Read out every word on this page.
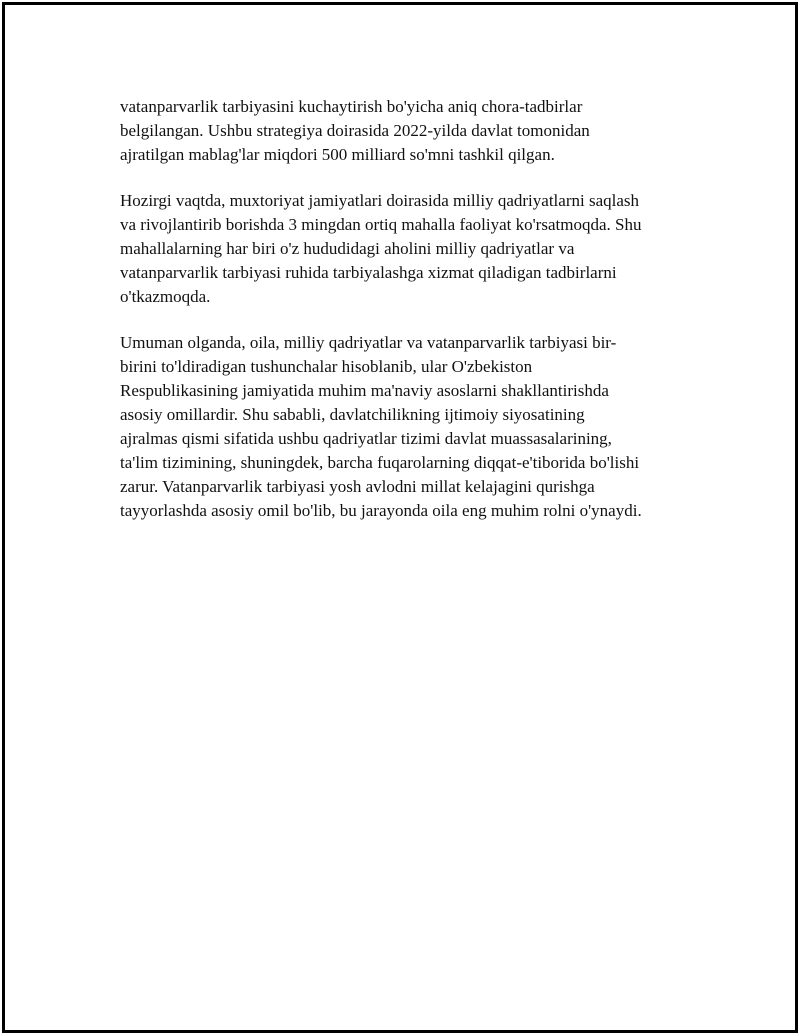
vatanparvarlik tarbiyasini kuchaytirish bo'yicha aniq chora-tadbirlar
belgilangan. Ushbu strategiya doirasida 2022-yilda davlat tomonidan
ajratilgan mablag'lar miqdori 500 milliard so'mni tashkil qilgan.

Hozirgi vaqtda, muxtoriyat jamiyatlari doirasida milliy qadriyatlarni saqlash
va rivojlantirib borishda 3 mingdan ortiq mahalla faoliyat ko'rsatmoqda. Shu
mahallalarning har biri o'z hududidagi aholini milliy qadriyatlar va
vatanparvarlik tarbiyasi ruhida tarbiyalashga xizmat qiladigan tadbirlarni
o'tkazmoqda.

Umuman olganda, oila, milliy qadriyatlar va vatanparvarlik tarbiyasi bir-
birini to'ldiradigan tushunchalar hisoblanib, ular O'zbekiston
Respublikasining jamiyatida muhim ma'naviy asoslarni shakllantirishda
asosiy omillardir. Shu sababli, davlatchilikning ijtimoiy siyosatining
ajralmas qismi sifatida ushbu qadriyatlar tizimi davlat muassasalarining,
ta'lim tizimining, shuningdek, barcha fuqarolarning diqqat-e'tiborida bo'lishi
zarur. Vatanparvarlik tarbiyasi yosh avlodni millat kelajagini qurishga
tayyorlashda asosiy omil bo'lib, bu jarayonda oila eng muhim rolni o'ynaydi.
